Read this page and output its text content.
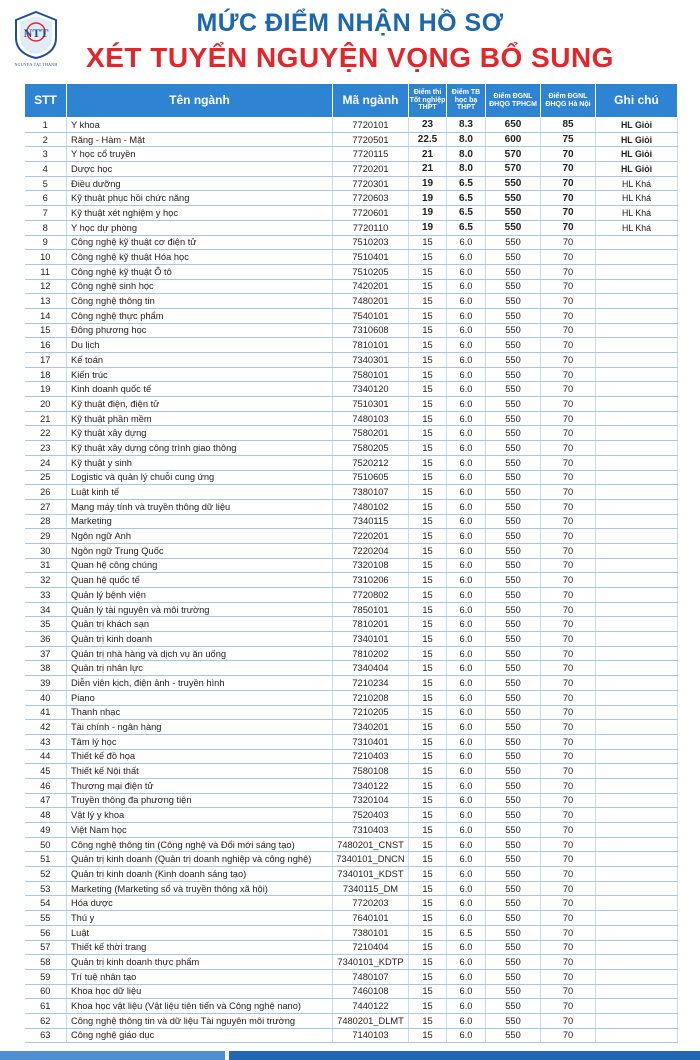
NTT
NGUYEN TAT THANH
MỨC ĐIỂM NHẬN HỒ SƠ
XÉT TUYỂN NGUYỆN VỌNG BỔ SUNG
STT	Tên ngành	Mã ngành	Điểm thi Tốt nghiệp THPT	Điểm TB học bạ THPT	Điểm ĐGNL ĐHQG TPHCM	Điểm ĐGNL ĐHQG Hà Nội	Ghi chú
1	Y khoa	7720101	23	8.3	650	85	HL Giỏi
2	Răng - Hàm - Mặt	7720501	22.5	8.0	600	75	HL Giỏi
3	Y học cổ truyền	7720115	21	8.0	570	70	HL Giỏi
4	Dược học	7720201	21	8.0	570	70	HL Giỏi
5	Điều dưỡng	7720301	19	6.5	550	70	HL Khá
6	Kỹ thuật phục hồi chức năng	7720603	19	6.5	550	70	HL Khá
7	Kỹ thuật xét nghiệm y học	7720601	19	6.5	550	70	HL Khá
8	Y học dự phòng	7720110	19	6.5	550	70	HL Khá
9	Công nghệ kỹ thuật cơ điện tử	7510203	15	6.0	550	70	
10	Công nghệ kỹ thuật Hóa học	7510401	15	6.0	550	70	
11	Công nghệ kỹ thuật Ô tô	7510205	15	6.0	550	70	
12	Công nghệ sinh học	7420201	15	6.0	550	70	
13	Công nghệ thông tin	7480201	15	6.0	550	70	
14	Công nghệ thực phẩm	7540101	15	6.0	550	70	
15	Đông phương học	7310608	15	6.0	550	70	
16	Du lịch	7810101	15	6.0	550	70	
17	Kế toán	7340301	15	6.0	550	70	
18	Kiến trúc	7580101	15	6.0	550	70	
19	Kinh doanh quốc tế	7340120	15	6.0	550	70	
20	Kỹ thuật điện, điện tử	7510301	15	6.0	550	70	
21	Kỹ thuật phần mềm	7480103	15	6.0	550	70	
22	Kỹ thuật xây dựng	7580201	15	6.0	550	70	
23	Kỹ thuật xây dựng công trình giao thông	7580205	15	6.0	550	70	
24	Kỹ thuật y sinh	7520212	15	6.0	550	70	
25	Logistic và quản lý chuỗi cung ứng	7510605	15	6.0	550	70	
26	Luật kinh tế	7380107	15	6.0	550	70	
27	Mạng máy tính và truyền thông dữ liệu	7480102	15	6.0	550	70	
28	Marketing	7340115	15	6.0	550	70	
29	Ngôn ngữ Anh	7220201	15	6.0	550	70	
30	Ngôn ngữ Trung Quốc	7220204	15	6.0	550	70	
31	Quan hệ công chúng	7320108	15	6.0	550	70	
32	Quan hệ quốc tế	7310206	15	6.0	550	70	
33	Quản lý bệnh viện	7720802	15	6.0	550	70	
34	Quản lý tài nguyên và môi trường	7850101	15	6.0	550	70	
35	Quản trị khách sạn	7810201	15	6.0	550	70	
36	Quản trị kinh doanh	7340101	15	6.0	550	70	
37	Quản trị nhà hàng và dịch vụ ăn uống	7810202	15	6.0	550	70	
38	Quản trị nhân lực	7340404	15	6.0	550	70	
39	Diễn viên kịch, điện ảnh - truyền hình	7210234	15	6.0	550	70	
40	Piano	7210208	15	6.0	550	70	
41	Thanh nhạc	7210205	15	6.0	550	70	
42	Tài chính - ngân hàng	7340201	15	6.0	550	70	
43	Tâm lý học	7310401	15	6.0	550	70	
44	Thiết kế đồ họa	7210403	15	6.0	550	70	
45	Thiết kế Nội thất	7580108	15	6.0	550	70	
46	Thương mại điện tử	7340122	15	6.0	550	70	
47	Truyền thông đa phương tiện	7320104	15	6.0	550	70	
48	Vật lý y khoa	7520403	15	6.0	550	70	
49	Việt Nam học	7310403	15	6.0	550	70	
50	Công nghệ thông tin (Công nghệ và Đổi mới sáng tạo)	7480201_CNST	15	6.0	550	70	
51	Quản trị kinh doanh (Quản trị doanh nghiệp và công nghệ)	7340101_DNCN	15	6.0	550	70	
52	Quản trị kinh doanh (Kinh doanh sáng tạo)	7340101_KDST	15	6.0	550	70	
53	Marketing (Marketing số và truyền thông xã hội)	7340115_DM	15	6.0	550	70	
54	Hóa dược	7720203	15	6.0	550	70	
55	Thú y	7640101	15	6.0	550	70	
56	Luật	7380101	15	6.5	550	70	
57	Thiết kế thời trang	7210404	15	6.0	550	70	
58	Quản trị kinh doanh thực phẩm	7340101_KDTP	15	6.0	550	70	
59	Trí tuệ nhân tạo	7480107	15	6.0	550	70	
60	Khoa học dữ liệu	7460108	15	6.0	550	70	
61	Khoa học vật liệu (Vật liệu tiên tiến và Công nghệ nano)	7440122	15	6.0	550	70	
62	Công nghệ thông tin và dữ liệu Tài nguyên môi trường	7480201_DLMT	15	6.0	550	70	
63	Công nghệ giáo dục	7140103	15	6.0	550	70	
